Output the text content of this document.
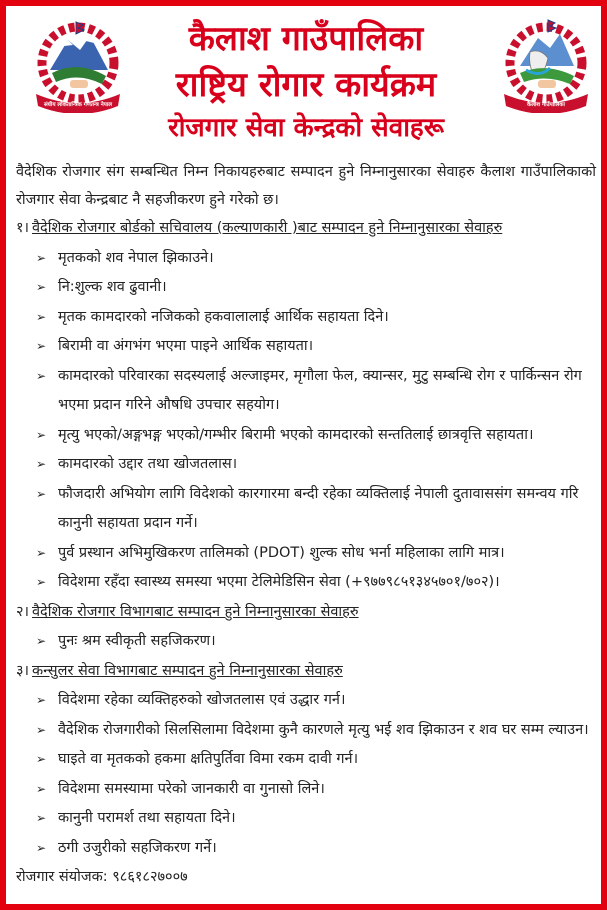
संघीय लोकतान्त्रिक गणतन्त्र नेपाल
कैलाश गाउँपालिका
राष्ट्रिय रोगार कार्यक्रम
रोजगार सेवा केन्द्रको सेवाहरू
कैलाश गाउँपालिका
वैदेशिक रोजगार संग सम्बन्धित निम्न निकायहरुबाट सम्पादन हुने निम्नानुसारका सेवाहरु कैलाश गाउँपालिकाको रोजगार सेवा केन्द्रबाट नै सहजीकरण हुने गरेको छ।
१। वैदेशिक रोजगार बोर्डको सचिवालय (कल्याणकारी )बाट सम्पादन हुने निम्नानुसारका सेवाहरु
➢ मृतकको शव नेपाल झिकाउने।
➢ नि:शुल्क शव ढुवानी।
➢ मृतक कामदारको नजिकको हकवालालाई आर्थिक सहायता दिने।
➢ बिरामी वा अंगभंग भएमा पाइने आर्थिक सहायता।
➢ कामदारको परिवारका सदस्यलाई अल्जाइमर, मृगौला फेल, क्यान्सर, मुटु सम्बन्धि रोग र पार्किन्सन रोग भएमा प्रदान गरिने औषधि उपचार सहयोग।
➢ मृत्यु भएको/अङ्गभङ्ग भएको/गम्भीर बिरामी भएको कामदारको सन्ततिलाई छात्रवृत्ति सहायता।
➢ कामदारको उद्दार तथा खोजतलास।
➢ फौजदारी अभियोग लागि विदेशको कारगारमा बन्दी रहेका व्यक्तिलाई नेपाली दुतावाससंग समन्वय गरि कानुनी सहायता प्रदान गर्ने।
➢ पुर्व प्रस्थान अभिमुखिकरण तालिमको (PDOT) शुल्क सोध भर्ना महिलाका लागि मात्र।
➢ विदेशमा रहँदा स्वास्थ्य समस्या भएमा टेलिमेडिसिन सेवा (+९७७९८५१३४५७०१/७०२)।
२। वैदेशिक रोजगार विभागबाट सम्पादन हुने निम्नानुसारका सेवाहरु
➢ पुनः श्रम स्वीकृती सहजिकरण।
३। कन्सुलर सेवा विभागबाट सम्पादन हुने निम्नानुसारका सेवाहरु
➢ विदेशमा रहेका व्यक्तिहरुको खोजतलास एवं उद्धार गर्न।
➢ वैदेशिक रोजगारीको सिलसिलामा विदेशमा कुनै कारणले मृत्यु भई शव झिकाउन र शव घर सम्म ल्याउन।
➢ घाइते वा मृतकको हकमा क्षतिपुर्तिवा विमा रकम दावी गर्न।
➢ विदेशमा समस्यामा परेको जानकारी वा गुनासो लिने।
➢ कानुनी परामर्श तथा सहायता दिने।
➢ ठगी उजुरीको सहजिकरण गर्ने।
रोजगार संयोजक: ९८६१८२७००७
